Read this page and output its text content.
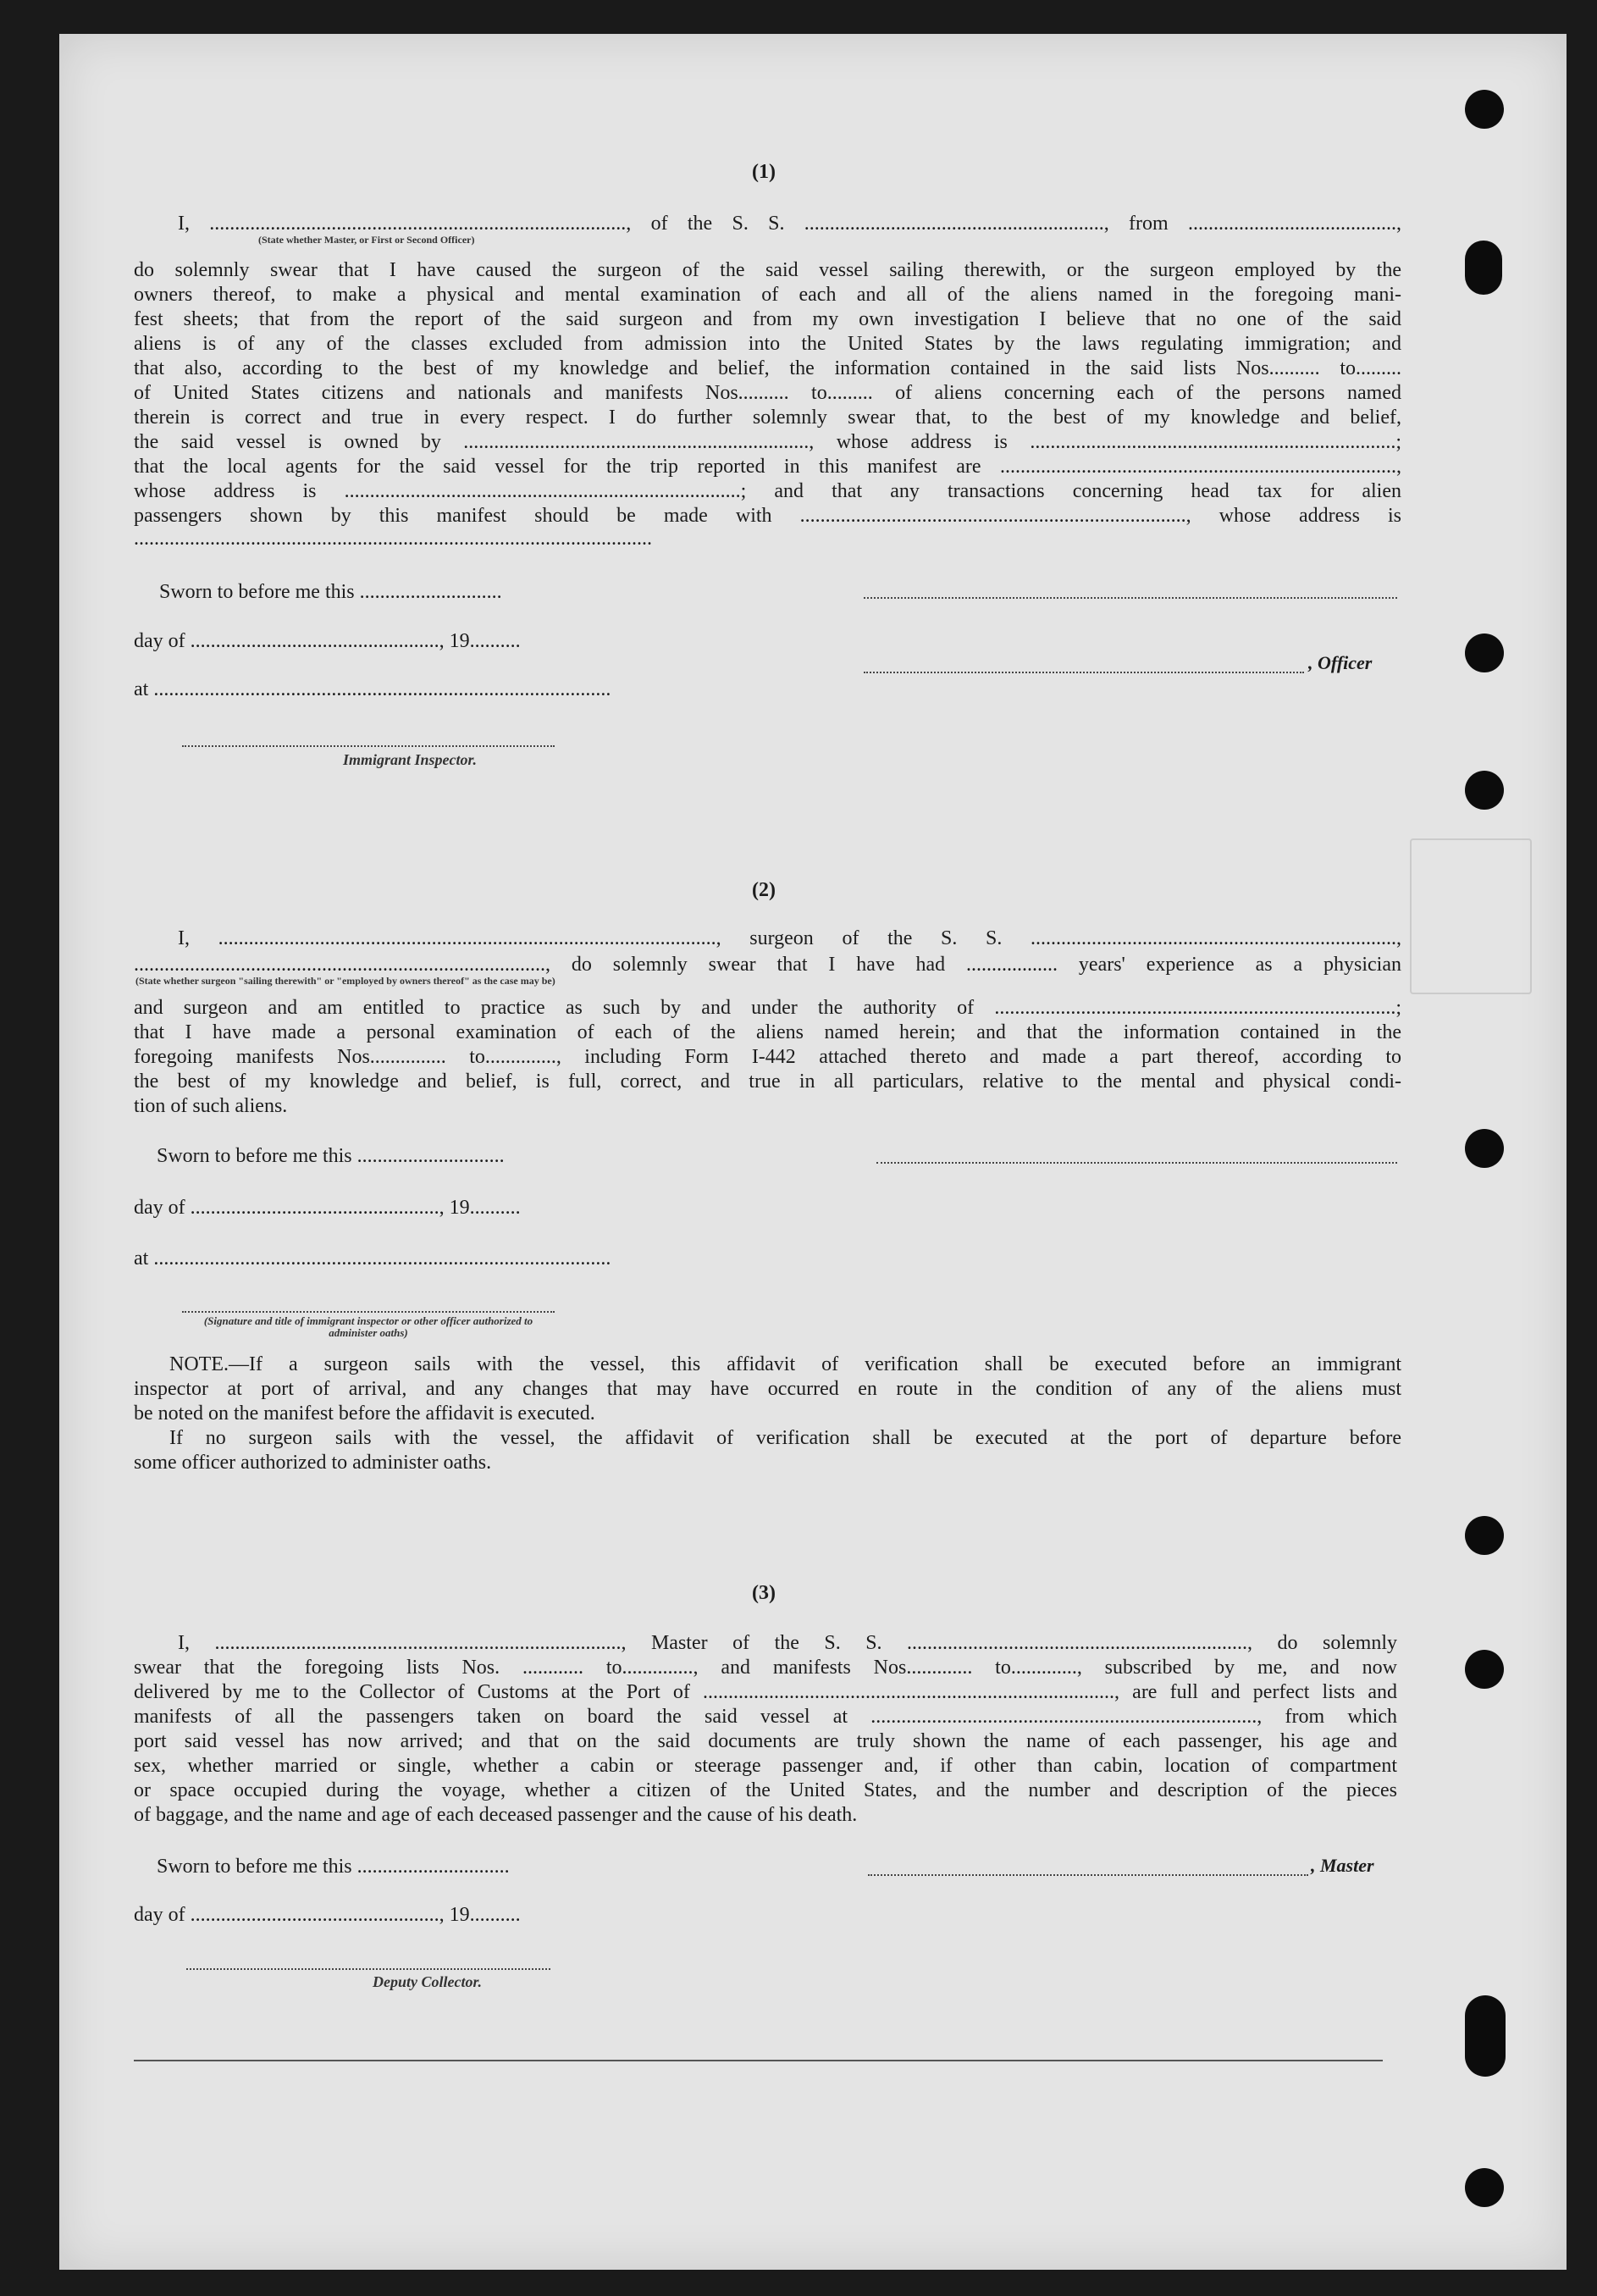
(1)
I, .................................................................................., of the S. S. ..........................................................., from .........................................,
(State whether Master, or First or Second Officer)
do solemnly swear that I have caused the surgeon of the said vessel sailing therewith, or the surgeon employed by the
owners thereof, to make a physical and mental examination of each and all of the aliens named in the foregoing mani-
fest sheets; that from the report of the said surgeon and from my own investigation I believe that no one of the said
aliens is of any of the classes excluded from admission into the United States by the laws regulating immigration; and
that also, according to the best of my knowledge and belief, the information contained in the said lists Nos.......... to.........
of United States citizens and nationals and manifests Nos.......... to......... of aliens concerning each of the persons named
therein is correct and true in every respect. I do further solemnly swear that, to the best of my knowledge and belief,
the said vessel is owned by ...................................................................., whose address is ........................................................................;
that the local agents for the said vessel for the trip reported in this manifest are ..............................................................................,
whose address is ..............................................................................; and that any transactions concerning head tax for alien
passengers shown by this manifest should be made with ............................................................................, whose address is
......................................................................................................
Sworn to before me this ............................
day of ................................................., 19..........
, Officer
at ..........................................................................................
Immigrant Inspector.
(2)
I, .................................................................................................., surgeon of the S. S. ........................................................................,
................................................................................., do solemnly swear that I have had .................. years' experience as a physician
(State whether surgeon "sailing therewith" or "employed by owners thereof" as the case may be)
and surgeon and am entitled to practice as such by and under the authority of ...............................................................................;
that I have made a personal examination of each of the aliens named herein; and that the information contained in the
foregoing manifests Nos............... to.............., including Form I-442 attached thereto and made a part thereof, according to
the best of my knowledge and belief, is full, correct, and true in all particulars, relative to the mental and physical condi-
tion of such aliens.
Sworn to before me this .............................
day of ................................................., 19..........
at ..........................................................................................
(Signature and title of immigrant inspector or other officer authorized to administer oaths)
NOTE.—If a surgeon sails with the vessel, this affidavit of verification shall be executed before an immigrant
inspector at port of arrival, and any changes that may have occurred en route in the condition of any of the aliens must
be noted on the manifest before the affidavit is executed.
If no surgeon sails with the vessel, the affidavit of verification shall be executed at the port of departure before
some officer authorized to administer oaths.
(3)
I, ................................................................................, Master of the S. S. ..................................................................., do solemnly
swear that the foregoing lists Nos. ............ to.............., and manifests Nos............. to............., subscribed by me, and now
delivered by me to the Collector of Customs at the Port of ................................................................................., are full and perfect lists and
manifests of all the passengers taken on board the said vessel at ............................................................................, from which
port said vessel has now arrived; and that on the said documents are truly shown the name of each passenger, his age and
sex, whether married or single, whether a cabin or steerage passenger and, if other than cabin, location of compartment
or space occupied during the voyage, whether a citizen of the United States, and the number and description of the pieces
of baggage, and the name and age of each deceased passenger and the cause of his death.
Sworn to before me this ..............................	, Master
day of ................................................., 19..........
Deputy Collector.
